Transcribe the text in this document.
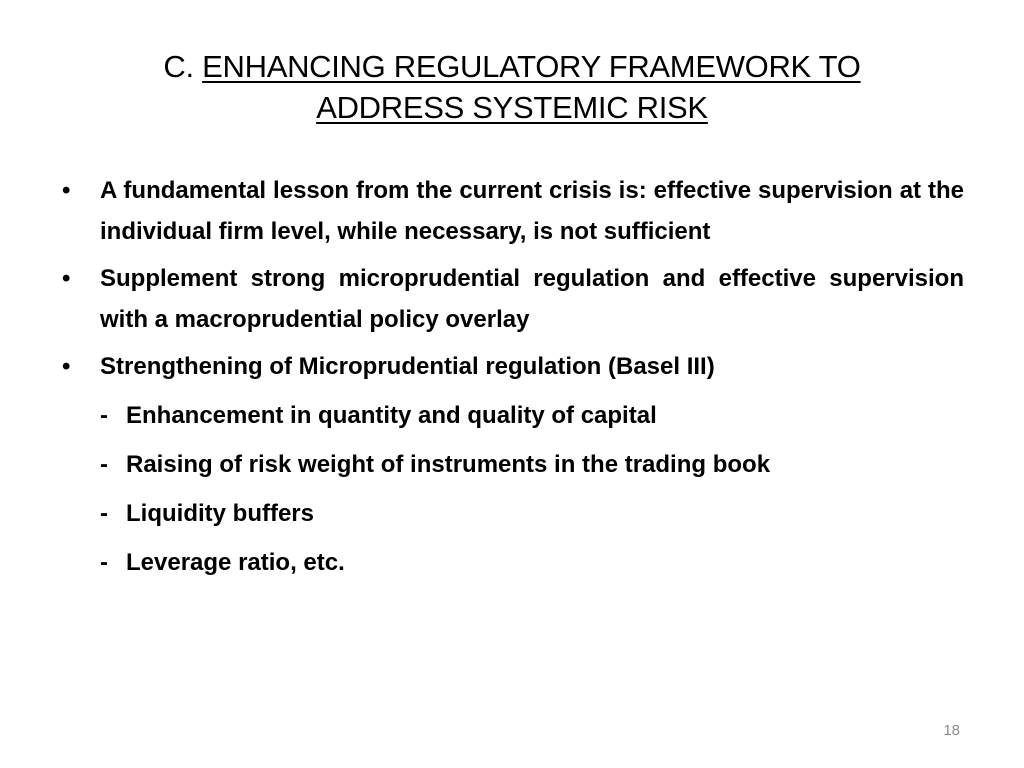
C. ENHANCING REGULATORY FRAMEWORK TO
ADDRESS SYSTEMIC RISK
• A fundamental lesson from the current crisis is: effective supervision at the individual firm level, while necessary, is not sufficient
• Supplement strong microprudential regulation and effective supervision with a macroprudential policy overlay
• Strengthening of Microprudential regulation (Basel III)
- Enhancement in quantity and quality of capital
- Raising of risk weight of instruments in the trading book
- Liquidity buffers
- Leverage ratio, etc.
18
